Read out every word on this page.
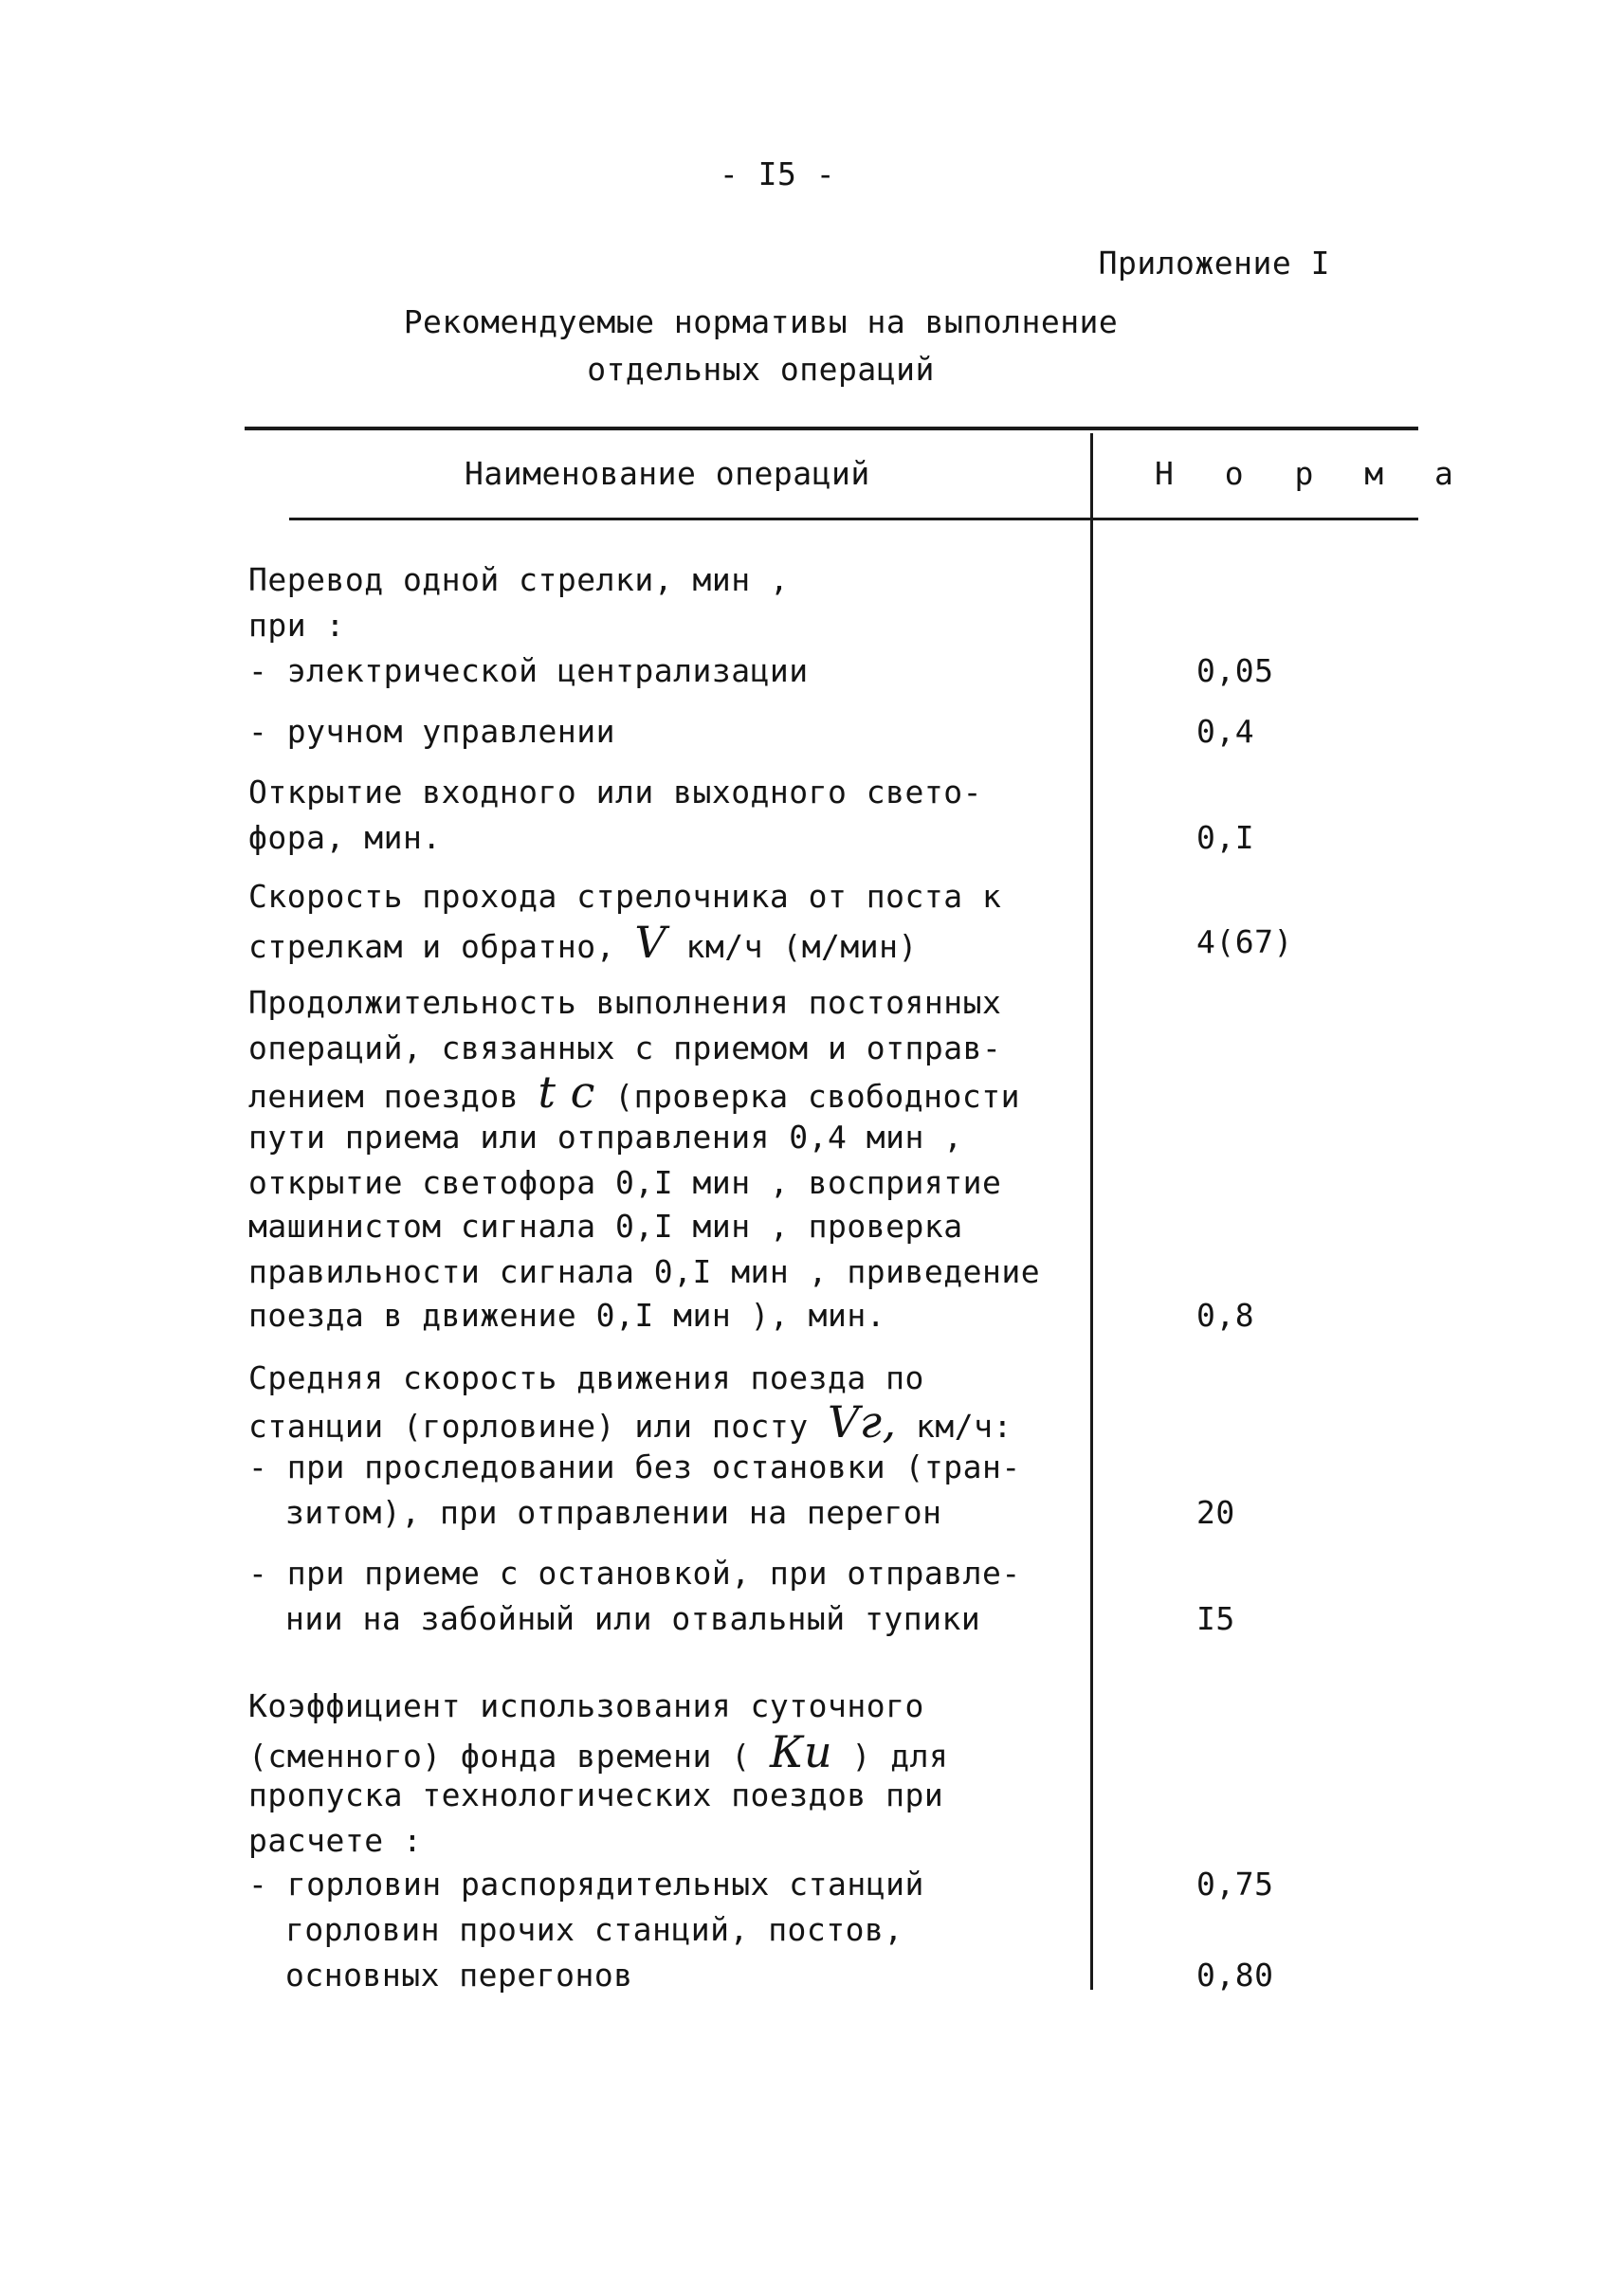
- I5 -
Приложение I
Рекомендуемые нормативы на выполнение
отдельных операций
Наименование операций	Н о р м а
Перевод одной стрелки, мин ,
при :
- электрической централизации	0,05
- ручном управлении	0,4
Открытие входного или выходного свето-
фора, мин.	0,I
Скорость прохода стрелочника от поста к
стрелкам и обратно, V км/ч (м/мин)	4(67)
Продолжительность выполнения постоянных
операций, связанных с приемом и отправ-
лением поездов t c (проверка свободности
пути приема или отправления 0,4 мин ,
открытие светофора 0,I мин , восприятие
машинистом сигнала 0,I мин , проверка
правильности сигнала 0,I мин , приведение
поезда в движение 0,I мин ), мин.	0,8
Средняя скорость движения поезда по
станции (горловине) или посту Vг, км/ч:
- при проследовании без остановки (тран-
зитом), при отправлении на перегон	20
- при приеме с остановкой, при отправле-
нии на забойный или отвальный тупики	I5
Коэффициент использования суточного
(сменного) фонда времени ( Ки ) для
пропуска технологических поездов при
расчете :
- горловин распорядительных станций	0,75
горловин прочих станций, постов,
основных перегонов	0,80
